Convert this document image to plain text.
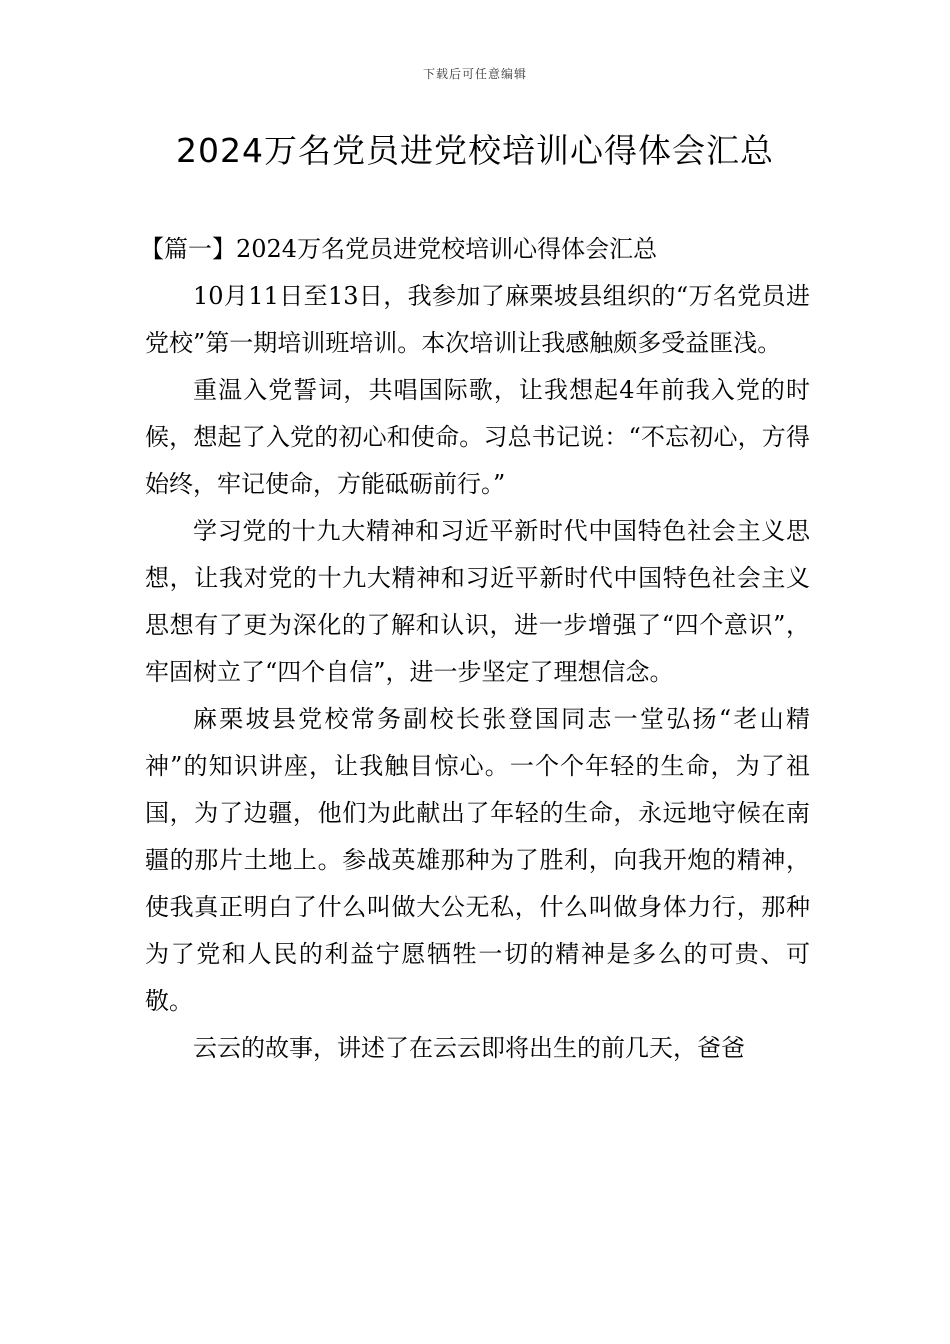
下载后可任意编辑
2024万名党员进党校培训心得体会汇总

【篇一】2024万名党员进党校培训心得体会汇总

10月11日至13日，我参加了麻栗坡县组织的“万名党员进党校”第一期培训班培训。本次培训让我感触颇多受益匪浅。

重温入党誓词，共唱国际歌，让我想起4年前我入党的时候，想起了入党的初心和使命。习总书记说：“不忘初心，方得始终，牢记使命，方能砥砺前行。”

学习党的十九大精神和习近平新时代中国特色社会主义思想，让我对党的十九大精神和习近平新时代中国特色社会主义思想有了更为深化的了解和认识，进一步增强了“四个意识”，牢固树立了“四个自信”，进一步坚定了理想信念。

麻栗坡县党校常务副校长张登国同志一堂弘扬“老山精神”的知识讲座，让我触目惊心。一个个年轻的生命，为了祖国，为了边疆，他们为此献出了年轻的生命，永远地守候在南疆的那片土地上。参战英雄那种为了胜利，向我开炮的精神，使我真正明白了什么叫做大公无私，什么叫做身体力行，那种为了党和人民的利益宁愿牺牲一切的精神是多么的可贵、可敬。

云云的故事，讲述了在云云即将出生的前几天，爸爸
